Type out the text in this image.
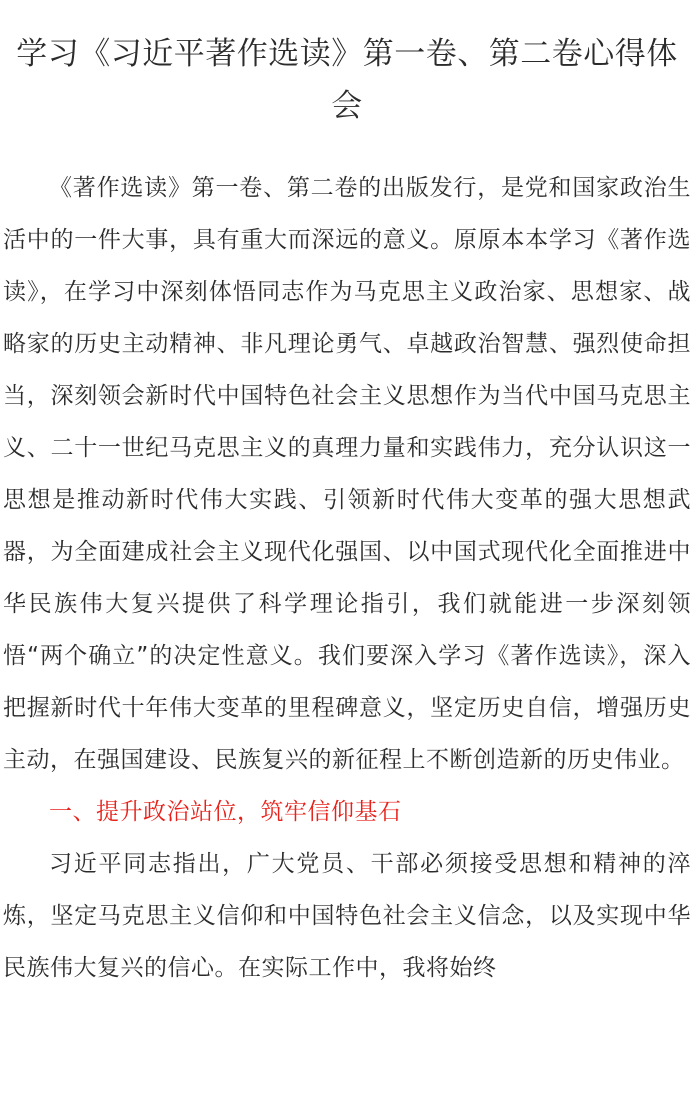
学习《习近平著作选读》第一卷、第二卷心得体会

《著作选读》第一卷、第二卷的出版发行，是党和国家政治生活中的一件大事，具有重大而深远的意义。原原本本学习《著作选读》，在学习中深刻体悟同志作为马克思主义政治家、思想家、战略家的历史主动精神、非凡理论勇气、卓越政治智慧、强烈使命担当，深刻领会新时代中国特色社会主义思想作为当代中国马克思主义、二十一世纪马克思主义的真理力量和实践伟力，充分认识这一思想是推动新时代伟大实践、引领新时代伟大变革的强大思想武器，为全面建成社会主义现代化强国、以中国式现代化全面推进中华民族伟大复兴提供了科学理论指引，我们就能进一步深刻领悟“两个确立”的决定性意义。我们要深入学习《著作选读》，深入把握新时代十年伟大变革的里程碑意义，坚定历史自信，增强历史主动，在强国建设、民族复兴的新征程上不断创造新的历史伟业。

一、提升政治站位，筑牢信仰基石

习近平同志指出，广大党员、干部必须接受思想和精神的淬炼，坚定马克思主义信仰和中国特色社会主义信念，以及实现中华民族伟大复兴的信心。在实际工作中，我将始终
